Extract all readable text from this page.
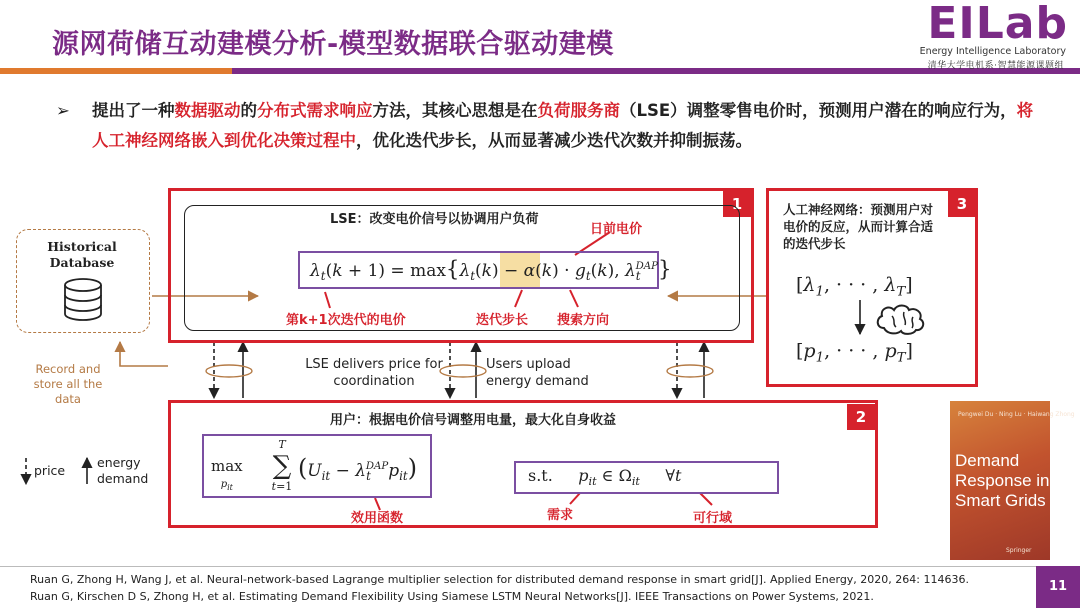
源网荷储互动建模分析-模型数据联合驱动建模	EILab
Energy Intelligence Laboratory
清华大学电机系·智慧能源课题组
➢ 提出了一种数据驱动的分布式需求响应方法，其核心思想是在负荷服务商（LSE）调整零售电价时，预测用户潜在的响应行为，将人工神经网络嵌入到优化决策过程中，优化迭代步长，从而显著减少迭代次数并抑制振荡。
Historical Database
Record and store all the data
1
LSE：改变电价信号以协调用户负荷
日前电价
$\lambda_t(k + 1) = \max\{\lambda_t(k) - \alpha(k) \cdot g_t(k)$, $\lambda_t^{DAP}$}
第k+1次迭代的电价	迭代步长 搜索方向
LSE delivers price for coordination
Users upload energy demand
3
人工神经网络：预测用户对电价的反应，从而计算合适的迭代步长
[$\lambda_1$, · · · , $\lambda_T$]
[$p_1$, · · · , $p_T$]
2
用户：根据电价信号调整用电量，最大化自身收益
max
$p_{it}$
T
∑
t=1
$(U_{it} - \lambda_t^{DAP}p_{it})$
效用函数
s.t.     $p_{it}$ ∈ $\Omega_{it}$     ∀t
需求	可行域
price
energy demand
Pengwei Du · Ning Lu · Haiwang Zhong
Demand Response in Smart Grids
Springer
Ruan G, Zhong H, Wang J, et al. Neural-network-based Lagrange multiplier selection for distributed demand response in smart grid[J]. Applied Energy, 2020, 264: 114636.
Ruan G, Kirschen D S, Zhong H, et al. Estimating Demand Flexibility Using Siamese LSTM Neural Networks[J]. IEEE Transactions on Power Systems, 2021.
11
